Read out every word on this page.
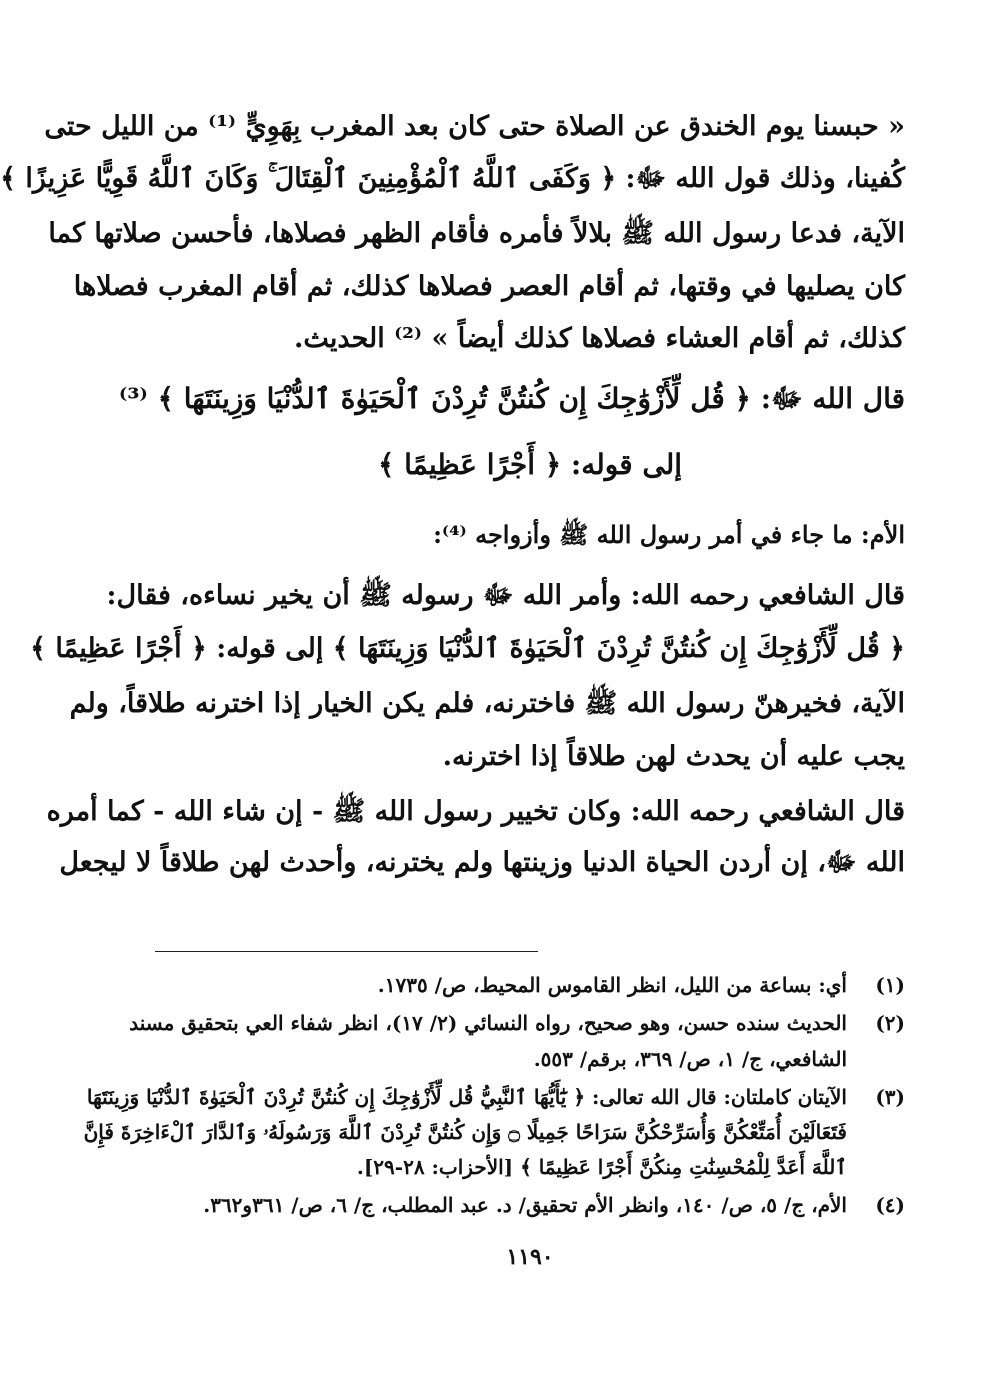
« حبسنا يوم الخندق عن الصلاة حتى كان بعد المغرب بِهَوِيٍّ ⁽¹⁾ من الليل حتى
كُفينا، وذلك قول الله ﷻ: ﴿ وَكَفَى ٱللَّهُ ٱلْمُؤْمِنِينَ ٱلْقِتَالَ ۚ وَكَانَ ٱللَّهُ قَوِيًّا عَزِيزًا ﴾
الآية، فدعا رسول الله ﷺ بلالاً فأمره فأقام الظهر فصلاها، فأحسن صلاتها كما
كان يصليها في وقتها، ثم أقام العصر فصلاها كذلك، ثم أقام المغرب فصلاها
كذلك، ثم أقام العشاء فصلاها كذلك أيضاً » ⁽²⁾ الحديث.
قال الله ﷻ: ﴿ قُل لِّأَزْوَٰجِكَ إِن كُنتُنَّ تُرِدْنَ ٱلْحَيَوٰةَ ٱلدُّنْيَا وَزِينَتَهَا ﴾ ⁽³⁾
إلى قوله: ﴿ أَجْرًا عَظِيمًا ﴾
الأم: ما جاء في أمر رسول الله ﷺ وأزواجه ⁽⁴⁾:
قال الشافعي رحمه الله: وأمر الله ﷻ رسوله ﷺ أن يخير نساءه، فقال:
﴿ قُل لِّأَزْوَٰجِكَ إِن كُنتُنَّ تُرِدْنَ ٱلْحَيَوٰةَ ٱلدُّنْيَا وَزِينَتَهَا ﴾ إلى قوله: ﴿ أَجْرًا عَظِيمًا ﴾
الآية، فخيرهنّ رسول الله ﷺ فاخترنه، فلم يكن الخيار إذا اخترنه طلاقاً، ولم
يجب عليه أن يحدث لهن طلاقاً إذا اخترنه.
قال الشافعي رحمه الله: وكان تخيير رسول الله ﷺ - إن شاء الله - كما أمره
الله ﷻ، إن أردن الحياة الدنيا وزينتها ولم يخترنه، وأحدث لهن طلاقاً لا ليجعل
(١)
أي: بساعة من الليل، انظر القاموس المحيط، ص/ ١٧٣٥.
(٢)
الحديث سنده حسن، وهو صحيح، رواه النسائي (٢/ ١٧)، انظر شفاء العي بتحقيق مسند
الشافعي، ج/ ١، ص/ ٣٦٩، برقم/ ٥٥٣.
(٣)
الآيتان كاملتان: قال الله تعالى: ﴿ يَٰٓأَيُّهَا ٱلنَّبِيُّ قُل لِّأَزْوَٰجِكَ إِن كُنتُنَّ تُرِدْنَ ٱلْحَيَوٰةَ ٱلدُّنْيَا وَزِينَتَهَا
فَتَعَالَيْنَ أُمَتِّعْكُنَّ وَأُسَرِّحْكُنَّ سَرَاحًا جَمِيلًا ۝ وَإِن كُنتُنَّ تُرِدْنَ ٱللَّهَ وَرَسُولَهُۥ وَٱلدَّارَ ٱلْءَاخِرَةَ فَإِنَّ
ٱللَّهَ أَعَدَّ لِلْمُحْسِنَٰتِ مِنكُنَّ أَجْرًا عَظِيمًا ﴾ [الأحزاب: ٢٨-٢٩].
(٤)
الأم، ج/ ٥، ص/ ١٤٠، وانظر الأم تحقيق/ د. عبد المطلب، ج/ ٦، ص/ ٣٦١و٣٦٢.
١١٩٠
